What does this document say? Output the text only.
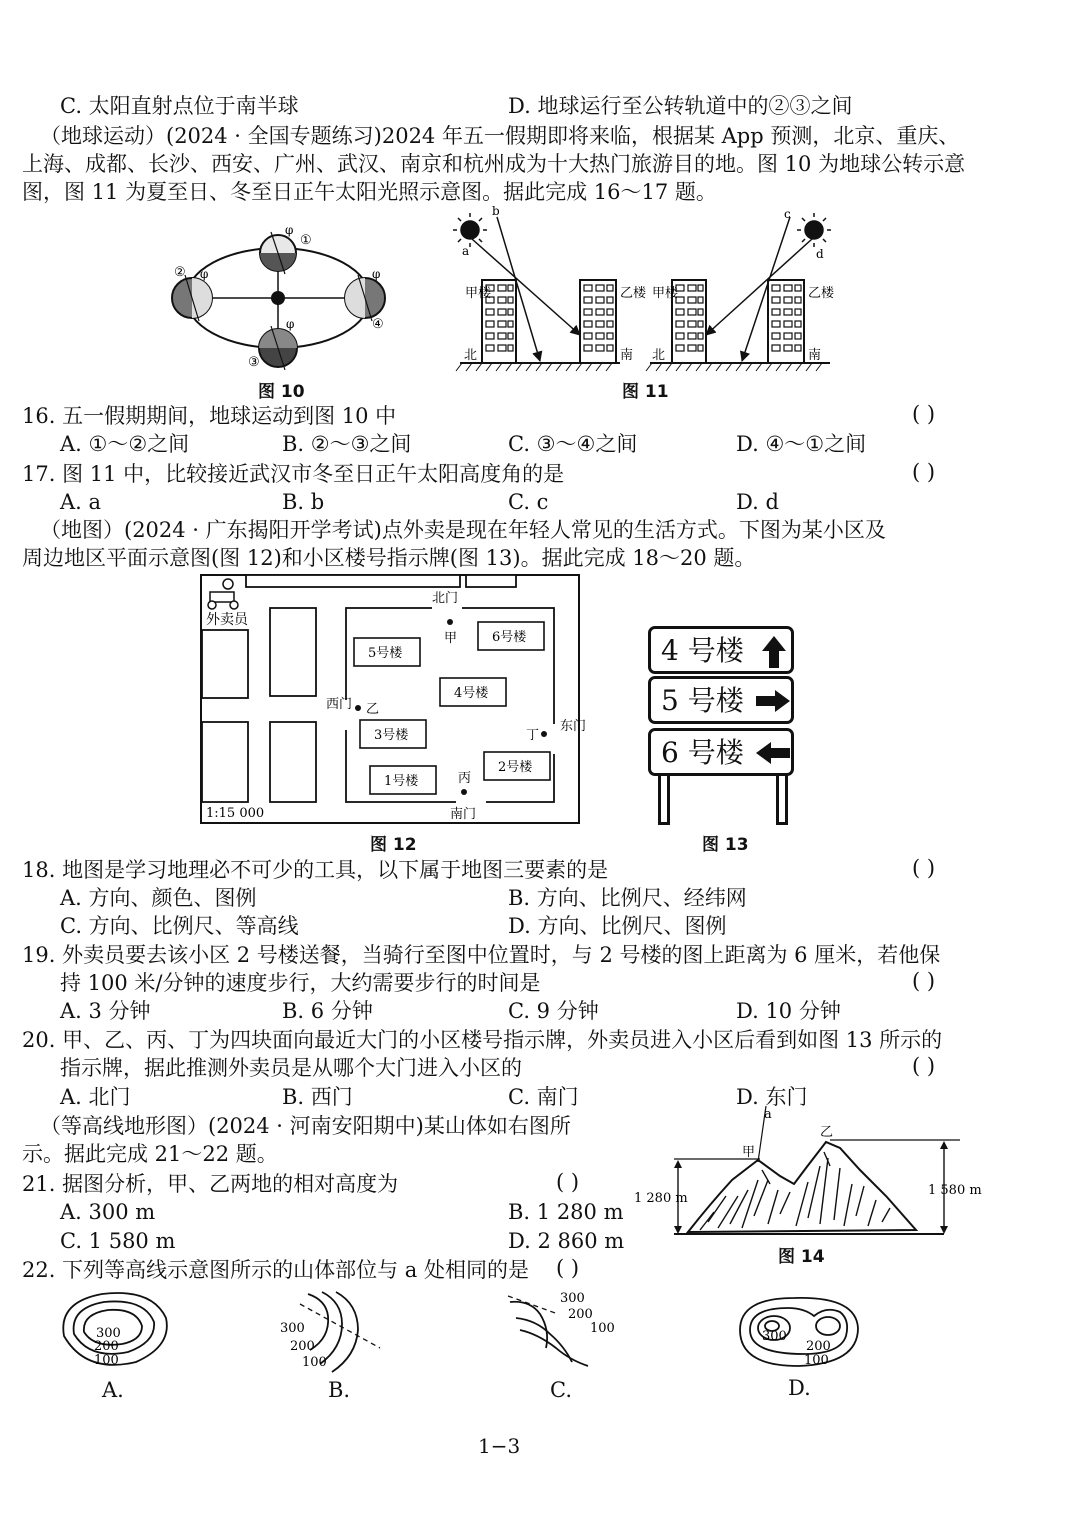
C. 太阳直射点位于南半球	D. 地球运行至公转轨道中的②③之间
（地球运动）(2024 · 全国专题练习)2024 年五一假期即将来临，根据某 App 预测，北京、重庆、
上海、成都、长沙、西安、广州、武汉、南京和杭州成为十大热门旅游目的地。图 10 为地球公转示意
图，图 11 为夏至日、冬至日正午太阳光照示意图。据此完成 16～17 题。
①
②
③
④
φ
φ	φ
φ
图 10
a
b	c
d
甲楼	乙楼 甲楼	乙楼
北	南 北	南
图 11
16. 五一假期期间，地球运动到图 10 中	( )
A. ①～②之间	B. ②～③之间	C. ③～④之间	D. ④～①之间
17. 图 11 中，比较接近武汉市冬至日正午太阳高度角的是	( )
A. a	B. b	C. c	D. d
（地图）(2024 · 广东揭阳开学考试)点外卖是现在年轻人常见的生活方式。下图为某小区及
周边地区平面示意图(图 12)和小区楼号指示牌(图 13)。据此完成 18～20 题。
外卖员
北门
南门
西门
东门
5号楼
6号楼
4号楼
3号楼
2号楼
1号楼
甲
乙
丙
丁
1:15 000
图 12
4 号楼
5 号楼
6 号楼
图 13
18. 地图是学习地理必不可少的工具，以下属于地图三要素的是	( )
A. 方向、颜色、图例	B. 方向、比例尺、经纬网
C. 方向、比例尺、等高线	D. 方向、比例尺、图例
19. 外卖员要去该小区 2 号楼送餐，当骑行至图中位置时，与 2 号楼的图上距离为 6 厘米，若他保
持 100 米/分钟的速度步行，大约需要步行的时间是	( )
A. 3 分钟	B. 6 分钟	C. 9 分钟	D. 10 分钟
20. 甲、乙、丙、丁为四块面向最近大门的小区楼号指示牌，外卖员进入小区后看到如图 13 所示的
指示牌，据此推测外卖员是从哪个大门进入小区的	( )
A. 北门	B. 西门	C. 南门	D. 东门
（等高线地形图）(2024 · 河南安阳期中)某山体如右图所
示。据此完成 21～22 题。
21. 据图分析，甲、乙两地的相对高度为	( )
A. 300 m	B. 1 280 m
C. 1 580 m	D. 2 860 m
a
甲
乙
1 280 m
1 580 m
图 14
22. 下列等高线示意图所示的山体部位与 a 处相同的是 ( )
300
200
100
A.
300
200
100
B.
300
200
100
C.
300
200
100
D.
1−3
